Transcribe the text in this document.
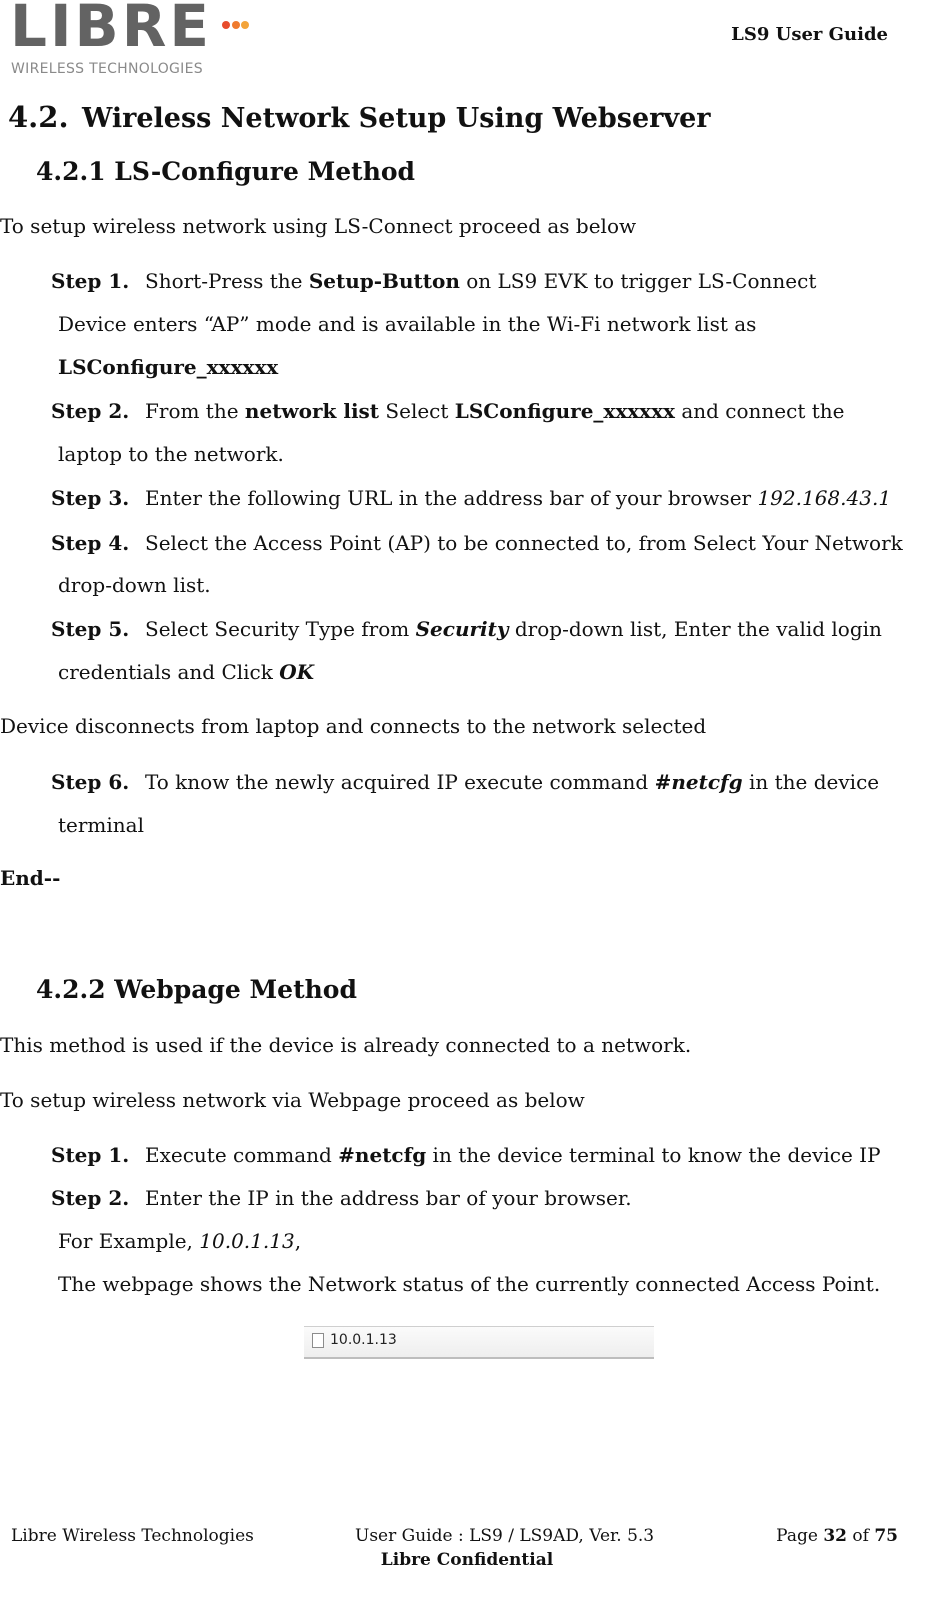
LIBRE
WIRELESS TECHNOLOGIES
LS9 User Guide
4.2. Wireless Network Setup Using Webserver
4.2.1 LS-Configure Method
To setup wireless network using LS-Connect proceed as below
Step 1. Short-Press the Setup-Button on LS9 EVK to trigger LS-Connect
Device enters “AP” mode and is available in the Wi-Fi network list as
LSConfigure_xxxxxx
Step 2. From the network list Select LSConfigure_xxxxxx and connect the
laptop to the network.
Step 3. Enter the following URL in the address bar of your browser 192.168.43.1
Step 4. Select the Access Point (AP) to be connected to, from Select Your Network
drop-down list.
Step 5. Select Security Type from Security drop-down list, Enter the valid login
credentials and Click OK
Device disconnects from laptop and connects to the network selected
Step 6. To know the newly acquired IP execute command #netcfg in the device
terminal
End--
4.2.2 Webpage Method
This method is used if the device is already connected to a network.
To setup wireless network via Webpage proceed as below
Step 1. Execute command #netcfg in the device terminal to know the device IP
Step 2. Enter the IP in the address bar of your browser.
For Example, 10.0.1.13,
The webpage shows the Network status of the currently connected Access Point.
10.0.1.13
Libre Wireless Technologies	User Guide : LS9 / LS9AD, Ver. 5.3	Page 32 of 75
Libre Confidential
